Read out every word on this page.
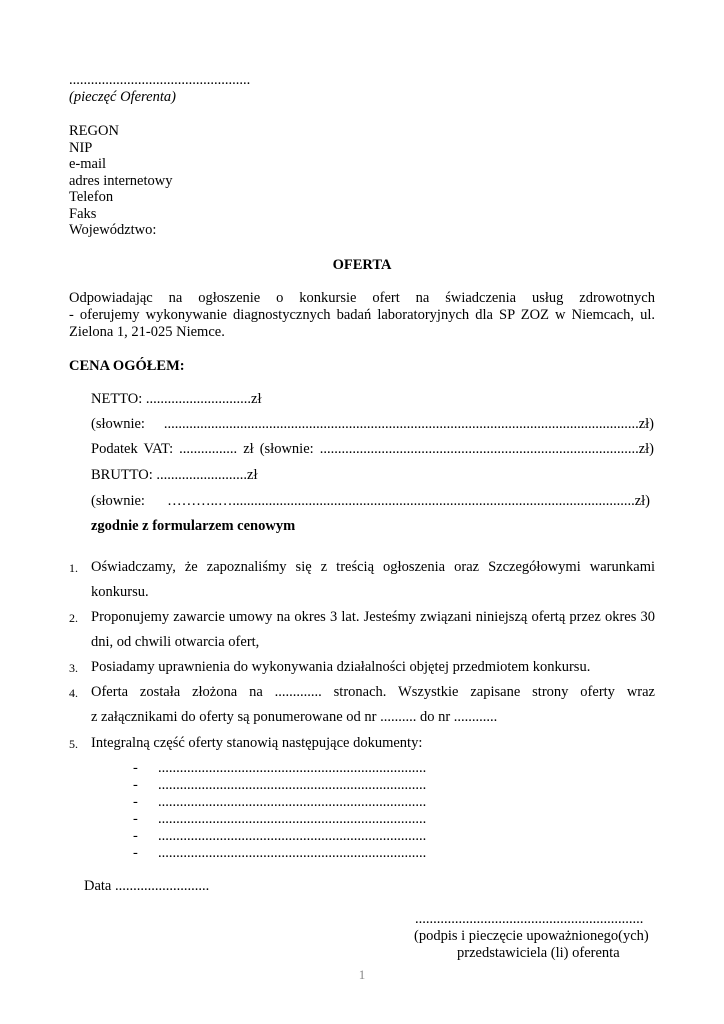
..................................................
(pieczęć Oferenta)
REGON
NIP
e-mail
adres internetowy
Telefon
Faks
Województwo:
OFERTA
Odpowiadając na ogłoszenie o konkursie ofert na świadczenia usług zdrowotnych
- oferujemy wykonywanie diagnostycznych badań laboratoryjnych dla SP ZOZ w Niemcach, ul.
Zielona 1, 21-025 Niemce.
CENA OGÓŁEM:
NETTO: .............................zł
(słownie: ...................................................................................................................................zł)
Podatek VAT: ................ zł (słownie: ........................................................................................zł)
BRUTTO: .........................zł
(słownie: ………..…...............................................................................................................zł)
zgodnie z formularzem cenowym
1. Oświadczamy, że zapoznaliśmy się z treścią ogłoszenia oraz Szczegółowymi warunkami
konkursu.
2. Proponujemy zawarcie umowy na okres 3 lat. Jesteśmy związani niniejszą ofertą przez okres 30
dni, od chwili otwarcia ofert,
3. Posiadamy uprawnienia do wykonywania działalności objętej przedmiotem konkursu.
4. Oferta została złożona na ............. stronach. Wszystkie zapisane strony oferty wraz
z załącznikami do oferty są ponumerowane od nr .......... do nr ............
5. Integralną część oferty stanowią następujące dokumenty:
- ..........................................................................
- ..........................................................................
- ..........................................................................
- ..........................................................................
- ..........................................................................
- ..........................................................................
Data ..........................
...............................................................
(podpis i pieczęcie upoważnionego(ych)
przedstawiciela (li) oferenta
1
